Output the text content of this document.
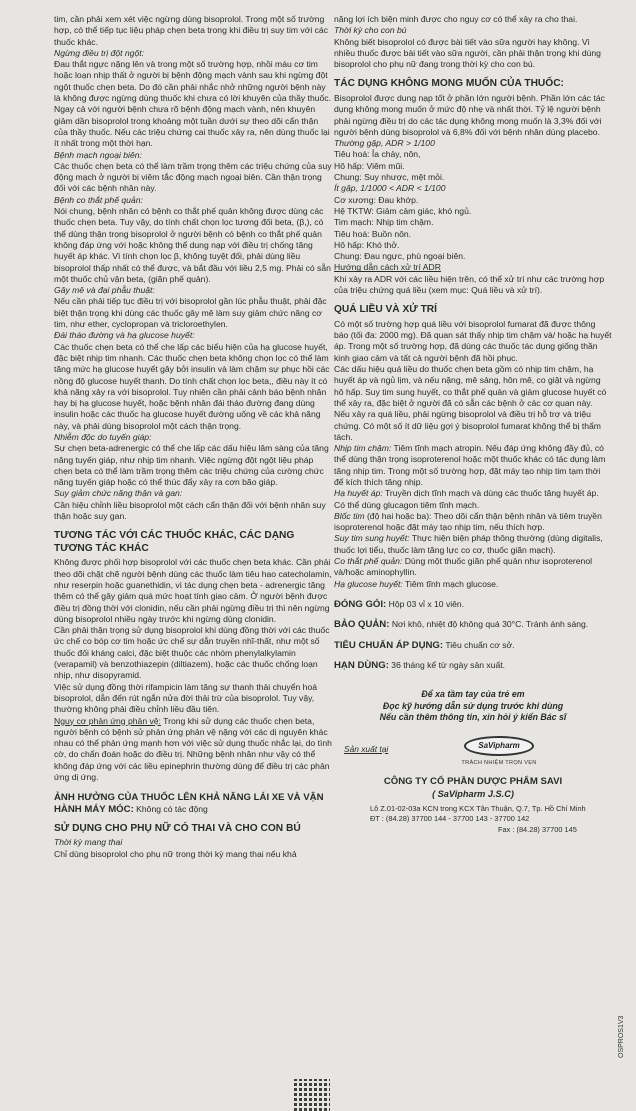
tim, cần phải xem xét việc ngừng dùng bisoprolol. Trong một số trường hợp, có thể tiếp tục liệu pháp chẹn beta trong khi điều trị suy tim với các thuốc khác.

Ngừng điều trị đột ngột:

Đau thắt ngực nặng lên và trong một số trường hợp, nhồi máu cơ tim hoặc loạn nhịp thất ở người bị bệnh động mạch vành sau khi ngừng đột ngột thuốc chẹn beta. Do đó cần phải nhắc nhở những người bệnh này là không được ngừng dùng thuốc khi chưa có lời khuyên của thầy thuốc. Ngay cả với người bệnh chưa rõ bệnh động mạch vành, nên khuyên giảm dần bisoprolol trong khoảng một tuần dưới sự theo dõi cẩn thận của thầy thuốc. Nếu các triệu chứng cai thuốc xảy ra, nên dùng thuốc lại ít nhất trong một thời hạn.

Bệnh mạch ngoại biên:

Các thuốc chẹn beta có thể làm trầm trọng thêm các triệu chứng của suy động mạch ở người bị viêm tắc động mạch ngoại biên. Cần thận trọng đối với các bệnh nhân này.

Bệnh co thắt phế quản:

Nói chung, bệnh nhân có bệnh co thắt phế quản không được dùng các thuốc chẹn beta. Tuy vậy, do tính chất chọn lọc tương đối beta, (β,), có thể dùng thận trọng bisoprolol ở người bệnh có bệnh co thắt phế quản không đáp ứng với hoặc không thể dung nạp với điều trị chống tăng huyết áp khác. Vì tính chọn lọc β, không tuyệt đối, phải dùng liều bisoprolol thấp nhất có thể được, và bắt đầu với liều 2,5 mg. Phải có sẵn một thuốc chủ vận beta, (giãn phế quản).

Gây mê và đại phẫu thuật:

Nếu cần phải tiếp tục điều trị với bisoprolol gần lúc phẫu thuật, phải đặc biệt thận trọng khi dùng các thuốc gây mê làm suy giảm chức năng cơ tim, như ether, cyclopropan và tricloroethylen.

Đái tháo đường và hạ glucose huyết:

Các thuốc chẹn beta có thể che lấp các biểu hiện của hạ glucose huyết, đặc biệt nhịp tim nhanh. Các thuốc chẹn beta không chọn lọc có thể làm tăng mức hạ glucose huyết gây bởi insulin và làm chậm sự phục hồi các nồng độ glucose huyết thanh. Do tính chất chọn lọc beta,, điều này ít có khả năng xảy ra với bisoprolol. Tuy nhiên cần phải cảnh báo bệnh nhân hay bị hạ glucose huyết, hoặc bệnh nhân đái tháo đường đang dùng insulin hoặc các thuốc hạ glucose huyết đường uống về các khả năng này, và phải dùng bisoprolol một cách thận trọng.

Nhiễm độc do tuyến giáp:

Sự chẹn beta-adrenergic có thể che lấp các dấu hiệu lâm sàng của tăng năng tuyến giáp, như nhịp tim nhanh. Việc ngừng đột ngột liệu pháp chẹn beta có thể làm trầm trọng thêm các triệu chứng của cường chức năng tuyến giáp hoặc có thể thúc đẩy xảy ra cơn bão giáp.

Suy giảm chức năng thận và gan:

Cần hiệu chỉnh liều bisoprolol một cách cẩn thận đối với bệnh nhân suy thận hoặc suy gan.

TƯƠNG TÁC VỚI CÁC THUỐC KHÁC, CÁC DẠNG TƯƠNG TÁC KHÁC

Không được phối hợp bisoprolol với các thuốc chẹn beta khác. Cần phải theo dõi chặt chẽ người bệnh dùng các thuốc làm tiêu hao catecholamin, như reserpin hoặc guanethidin, vì tác dụng chẹn beta - adrenergic tăng thêm có thể gây giảm quá mức hoạt tính giao cảm. Ở người bệnh được điều trị đồng thời với clonidin, nếu cần phải ngừng điều trị thì nên ngừng dùng bisoprolol nhiều ngày trước khi ngừng dùng clonidin.

Cần phải thận trọng sử dụng bisoprolol khi dùng đồng thời với các thuốc ức chế co bóp cơ tim hoặc ức chế sự dẫn truyền nhĩ-thất, như một số thuốc đối kháng calci, đặc biệt thuộc các nhóm phenylalkylamin (verapamil) và benzothiazepin (diltiazem), hoặc các thuốc chống loạn nhịp, như disopyramid.

Việc sử dụng đồng thời rifampicin làm tăng sự thanh thải chuyển hoá bisoprolol, dẫn đến rút ngắn nửa đời thải trừ của bisoprolol. Tuy vậy, thường không phải điều chỉnh liều đầu tiên.

Nguy cơ phản ứng phản vệ: Trong khi sử dụng các thuốc chẹn beta, người bệnh có bệnh sử phản ứng phản vệ nặng với các dị nguyên khác nhau có thể phản ứng mạnh hơn với việc sử dụng thuốc nhắc lại, do tình cờ, do chẩn đoán hoặc do điều trị. Những bệnh nhân như vậy có thể không đáp ứng với các liều epinephrin thường dùng để điều trị các phản ứng dị ứng.

ẢNH HƯỞNG CỦA THUỐC LÊN KHẢ NĂNG LÁI XE VÀ VẬN HÀNH MÁY MÓC: Không có tác động

SỬ DỤNG CHO PHỤ NỮ CÓ THAI VÀ CHO CON BÚ

Thời kỳ mang thai

Chỉ dùng bisoprolol cho phụ nữ trong thời kỳ mang thai nếu khả

năng lợi ích biện minh được cho nguy cơ có thể xảy ra cho thai.

Thời kỳ cho con bú

Không biết bisoprolol có được bài tiết vào sữa người hay không. Vì nhiều thuốc được bài tiết vào sữa người, cần phải thận trọng khi dùng bisoprolol cho phụ nữ đang trong thời kỳ cho con bú.

TÁC DỤNG KHÔNG MONG MUỐN CỦA THUỐC:

Bisoprolol được dung nạp tốt ở phần lớn người bệnh. Phần lớn các tác dụng không mong muốn ở mức độ nhẹ và nhất thời. Tỷ lệ người bệnh phải ngừng điều trị do các tác dụng không mong muốn là 3,3% đối với người bệnh dùng bisoprolol và 6,8% đối với bệnh nhân dùng placebo.

Thường gặp, ADR > 1/100

Tiêu hoá: Ỉa chảy, nôn,

Hô hấp: Viêm mũi.

Chung: Suy nhược, mệt mỏi.

Ít gặp, 1/1000 < ADR < 1/100

Cơ xương: Đau khớp.

Hệ TKTW: Giảm cảm giác, khó ngủ.

Tim mạch: Nhịp tim chậm.

Tiêu hoá: Buồn nôn.

Hô hấp: Khó thở.

Chung: Đau ngực, phù ngoại biên.

Hướng dẫn cách xử trí ADR

Khi xảy ra ADR với các liều hiện trên, có thể xử trí như các trường hợp của triệu chứng quá liều (xem mục: Quá liều và xử trí).

QUÁ LIỀU VÀ XỬ TRÍ

Có một số trường hợp quá liều với bisoprolol fumarat đã được thông báo (tối đa: 2000 mg). Đã quan sát thấy nhịp tim chậm và/ hoặc hạ huyết áp. Trong một số trường hợp, đã dùng các thuốc tác dụng giống thần kinh giao cảm và tất cả người bệnh đã hồi phục.

Các dấu hiệu quá liều do thuốc chẹn beta gồm có nhịp tim chậm, hạ huyết áp và ngủ lịm, và nếu nặng, mê sảng, hôn mê, co giật và ngừng hô hấp. Suy tim sung huyết, co thắt phế quản và giảm glucose huyết có thể xảy ra, đặc biệt ở người đã có sẵn các bệnh ở các cơ quan này.

Nếu xảy ra quá liều, phải ngừng bisoprolol và điều trị hỗ trợ và triệu chứng. Có một số ít dữ liệu gợi ý bisoprolol fumarat không thể bị thẩm tách.

Nhịp tim chậm: Tiêm tĩnh mạch atropin. Nếu đáp ứng không đầy đủ, có thể dùng thận trọng isoproterenol hoặc một thuốc khác có tác dụng làm tăng nhịp tim. Trong một số trường hợp, đặt máy tạo nhịp tim tạm thời để kích thích tăng nhịp.

Hạ huyết áp: Truyền dịch tĩnh mạch và dùng các thuốc tăng huyết áp. Có thể dùng glucagon tiêm tĩnh mạch.

Blốc tim (độ hai hoặc ba): Theo dõi cẩn thận bệnh nhân và tiêm truyền isoproterenol hoặc đặt máy tạo nhịp tim, nếu thích hợp.

Suy tim sung huyết: Thực hiện biện pháp thông thường (dùng digitalis, thuốc lợi tiểu, thuốc làm tăng lực co cơ, thuốc giãn mạch).

Co thắt phế quản: Dùng một thuốc giãn phế quản như isoproterenol và/hoặc aminophyllin.

Hạ glucose huyết: Tiêm tĩnh mạch glucose.

ĐÓNG GÓI: Hộp 03 vỉ x 10 viên.

BẢO QUẢN: Nơi khô, nhiệt độ không quá 30°C. Tránh ánh sáng.

TIÊU CHUẨN ÁP DỤNG: Tiêu chuẩn cơ sở.

HẠN DÙNG: 36 tháng kể từ ngày sản xuất.

Để xa tầm tay của trẻ em

Đọc kỹ hướng dẫn sử dụng trước khi dùng

Nếu cần thêm thông tin, xin hỏi ý kiến Bác sĩ

Sản xuất tại	SaVipharm
TRÁCH NHIỆM TRỌN VẸN

CÔNG TY CỔ PHẦN DƯỢC PHẨM SAVI

( SaVipharm J.S.C)

Lô Z.01-02-03a KCN trong KCX Tân Thuận, Q.7, Tp. Hồ Chí Minh

ĐT : (84.28) 37700 144 - 37700 143 - 37700 142

Fax : (84.28) 37700 145

OSPROS1V3
